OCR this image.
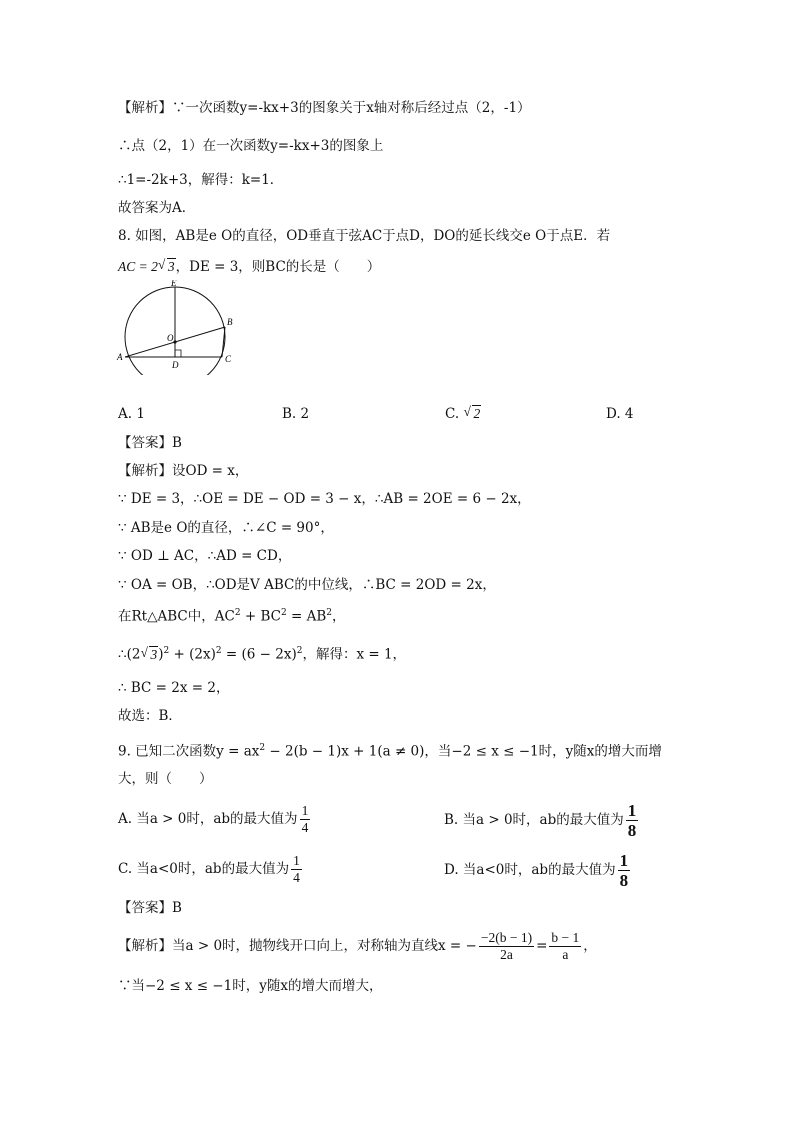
【解析】∵一次函数y=-kx+3的图象关于x轴对称后经过点（2，-1）
∴点（2，1）在一次函数y=-kx+3的图象上
∴1=-2k+3，解得：k=1．
故答案为A．
8. 如图，AB是e O的直径，OD垂直于弦AC于点D，DO的延长线交e O于点E．若
AC = 2 √ 3，DE = 3，则BC的长是（　　）
E
B
O
A
D
C
A. 1	B. 2	C. √ 2	D. 4
【答案】B
【解析】设OD = x，
∵ DE = 3，∴OE = DE − OD = 3 − x，∴AB = 2OE = 6 − 2x，
∵ AB是e O的直径，∴∠C = 90°，
∵ OD ⊥ AC，∴AD = CD，
∵ OA = OB，∴OD是V ABC的中位线，∴BC = 2OD = 2x，
在Rt△ABC中，$AC^2 + BC^2 = AB^2$，
∴(2 √ $3)^2 + (2x)^2 = (6 - 2x)^2$，解得：x = 1，
∴ BC = 2x = 2，
故选：B．
9. 已知二次函数$y = ax^2 - 2(b - 1)x + 1(a \ne 0)$，当−2 ≤ x ≤ −1时，y随x的增大而增
大，则（　　）
A. 当a > 0时，ab的最大值为 $\frac{1}{4}$	B. 当a > 0时，ab的最大值为 $\frac{1}{8}$
C. 当a<0时，ab的最大值为 $\frac{1}{4}$	D. 当a<0时，ab的最大值为 $\frac{1}{8}$
【答案】B
【解析】当a > 0时，抛物线开口向上，对称轴为直线x = − $\frac{-2(b - 1)}{2a} = \frac{b - 1}{a}$ ，
∵当−2 ≤ x ≤ −1时，y随x的增大而增大，
